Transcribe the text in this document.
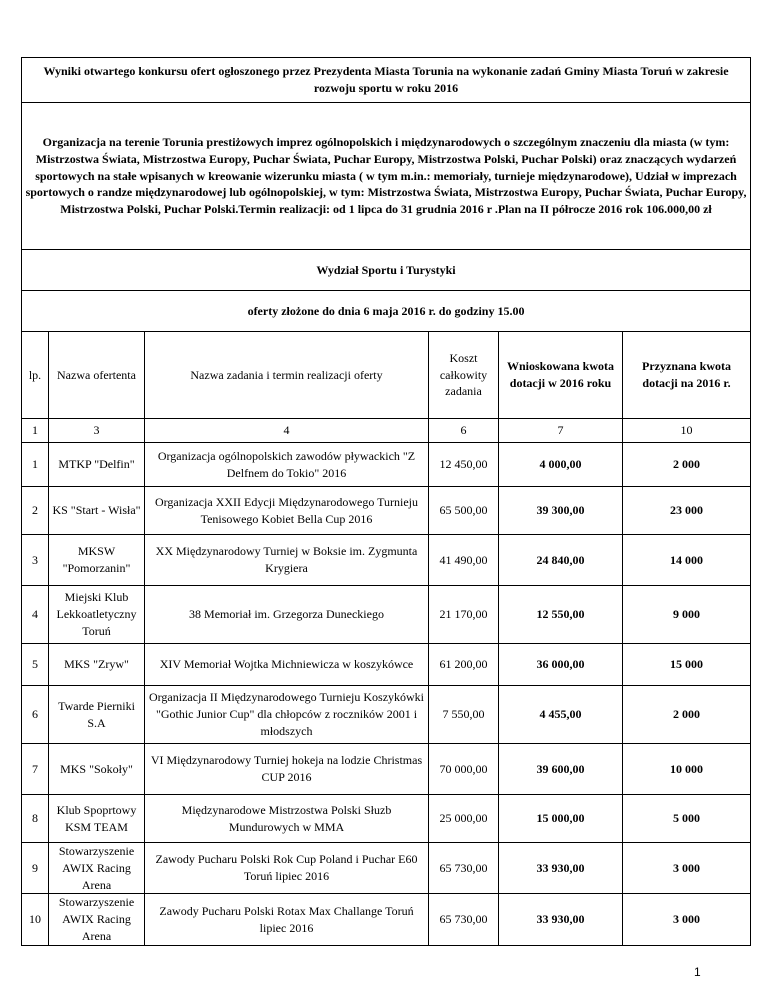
Wyniki otwartego konkursu ofert ogłoszonego przez Prezydenta Miasta Torunia na wykonanie zadań Gminy Miasta Toruń w zakresie rozwoju sportu w roku 2016					
Organizacja na terenie Torunia prestiżowych imprez ogólnopolskich i międzynarodowych o szczególnym znaczeniu dla miasta (w tym: Mistrzostwa Świata, Mistrzostwa Europy, Puchar Świata, Puchar Europy, Mistrzostwa Polski, Puchar Polski) oraz znaczących wydarzeń sportowych na stałe wpisanych w kreowanie wizerunku miasta ( w tym m.in.: memoriały, turnieje międzynarodowe), Udział w imprezach sportowych o randze międzynarodowej lub ogólnopolskiej, w tym: Mistrzostwa Świata, Mistrzostwa Europy, Puchar Świata, Puchar Europy, Mistrzostwa Polski, Puchar Polski.Termin realizacji: od 1 lipca do 31 grudnia 2016 r .Plan na II półrocze 2016 rok 106.000,00 zł					
Wydział Sportu i Turystyki					
oferty złożone do dnia 6 maja 2016 r. do godziny 15.00					
lp.	Nazwa ofertenta	Nazwa zadania i termin realizacji oferty	Koszt całkowity zadania	Wnioskowana kwota dotacji w 2016 roku	Przyznana kwota dotacji na 2016 r.
1	3	4	6	7	10
1	MTKP "Delfin"	Organizacja ogólnopolskich zawodów pływackich "Z Delfnem do Tokio" 2016	12 450,00	4 000,00	2 000
2	KS "Start - Wisła"	Organizacja XXII Edycji Międzynarodowego Turnieju Tenisowego Kobiet Bella Cup 2016	65 500,00	39 300,00	23 000
3	MKSW "Pomorzanin"	XX Międzynarodowy Turniej w Boksie im. Zygmunta Krygiera	41 490,00	24 840,00	14 000
4	Miejski Klub Lekkoatletyczny Toruń	38 Memoriał im. Grzegorza Duneckiego	21 170,00	12 550,00	9 000
5	MKS "Zryw"	XIV Memoriał Wojtka Michniewicza w koszykówce	61 200,00	36 000,00	15 000
6	Twarde Pierniki S.A	Organizacja II Międzynarodowego Turnieju Koszykówki "Gothic Junior Cup" dla chłopców z roczników 2001 i młodszych	7 550,00	4 455,00	2 000
7	MKS "Sokoły"	VI Międzynarodowy Turniej hokeja na lodzie Christmas CUP 2016	70 000,00	39 600,00	10 000
8	Klub Spoprtowy KSM TEAM	Międzynarodowe Mistrzostwa Polski Słuzb Mundurowych w MMA	25 000,00	15 000,00	5 000
9	Stowarzyszenie AWIX Racing Arena	Zawody Pucharu Polski Rok Cup Poland i Puchar E60 Toruń lipiec 2016	65 730,00	33 930,00	3 000
10	Stowarzyszenie AWIX Racing Arena	Zawody Pucharu Polski Rotax Max Challange Toruń lipiec 2016	65 730,00	33 930,00	3 000
1
